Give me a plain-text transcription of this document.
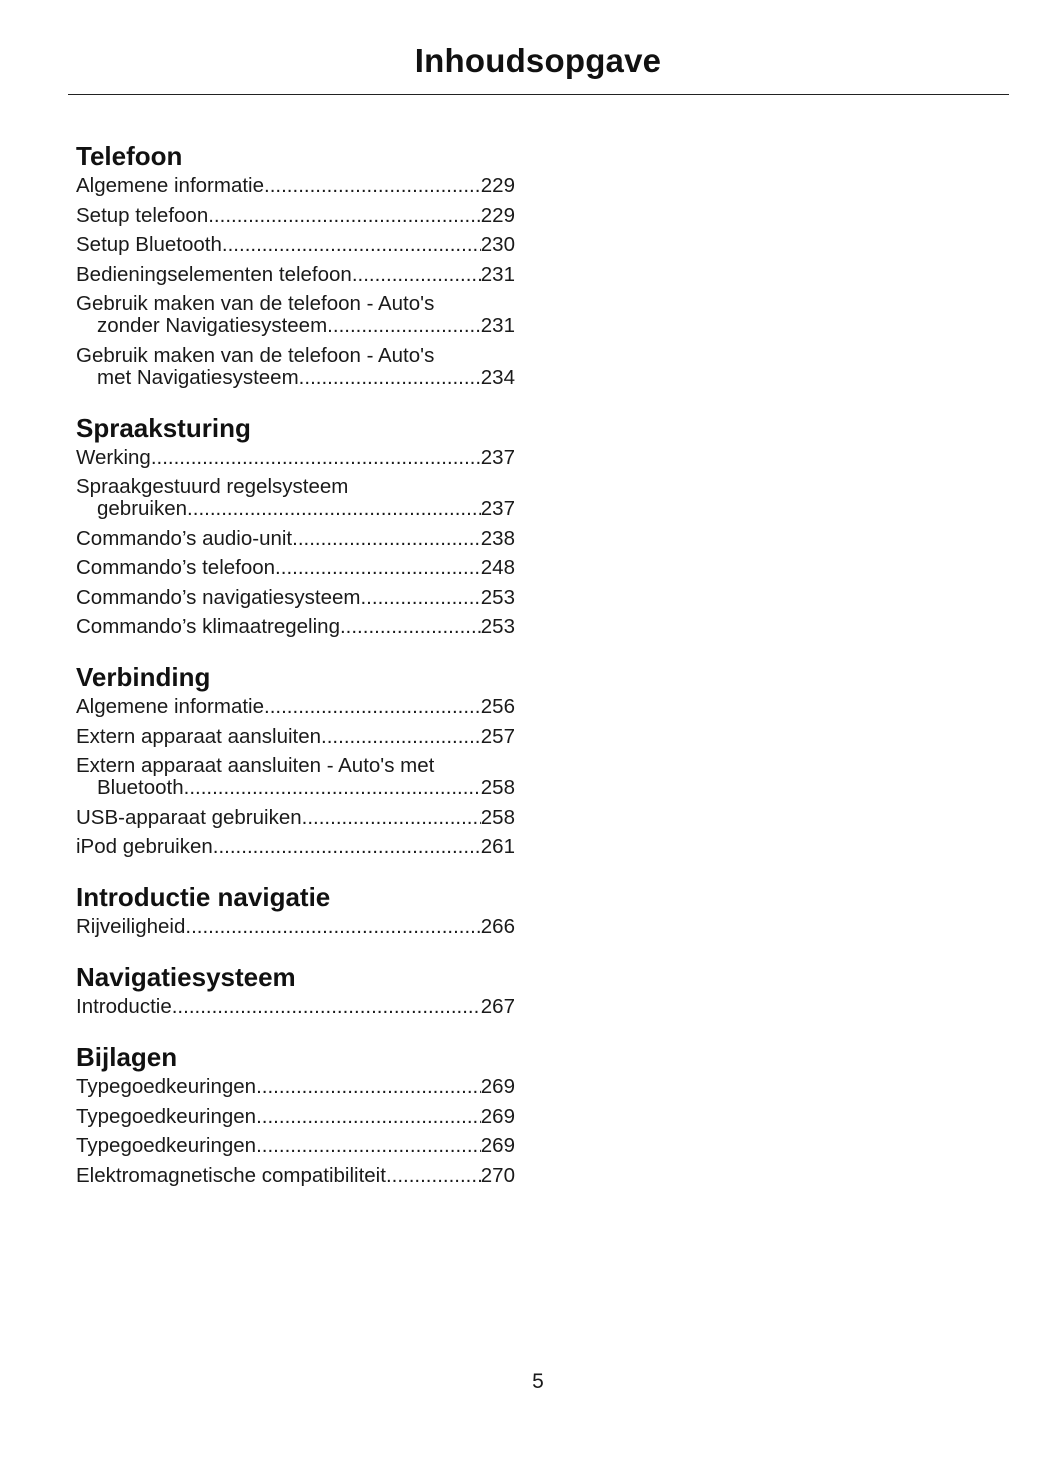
Inhoudsopgave
Telefoon
Algemene informatie .....	229
Setup telefoon .....	229
Setup Bluetooth .....	230
Bedieningselementen telefoon .....	231
Gebruik maken van de telefoon - Auto's
zonder Navigatiesysteem .....	231
Gebruik maken van de telefoon - Auto's
met Navigatiesysteem .....	234
Spraaksturing
Werking .....	237
Spraakgestuurd regelsysteem
gebruiken .....	237
Commando’s audio-unit .....	238
Commando’s telefoon .....	248
Commando’s navigatiesysteem .....	253
Commando’s klimaatregeling .....	253
Verbinding
Algemene informatie .....	256
Extern apparaat aansluiten .....	257
Extern apparaat aansluiten - Auto's met
Bluetooth .....	258
USB-apparaat gebruiken .....	258
iPod gebruiken .....	261
Introductie navigatie
Rijveiligheid .....	266
Navigatiesysteem
Introductie .....	267
Bijlagen
Typegoedkeuringen .....	269
Typegoedkeuringen .....	269
Typegoedkeuringen .....	269
Elektromagnetische compatibiliteit .....	270
5
